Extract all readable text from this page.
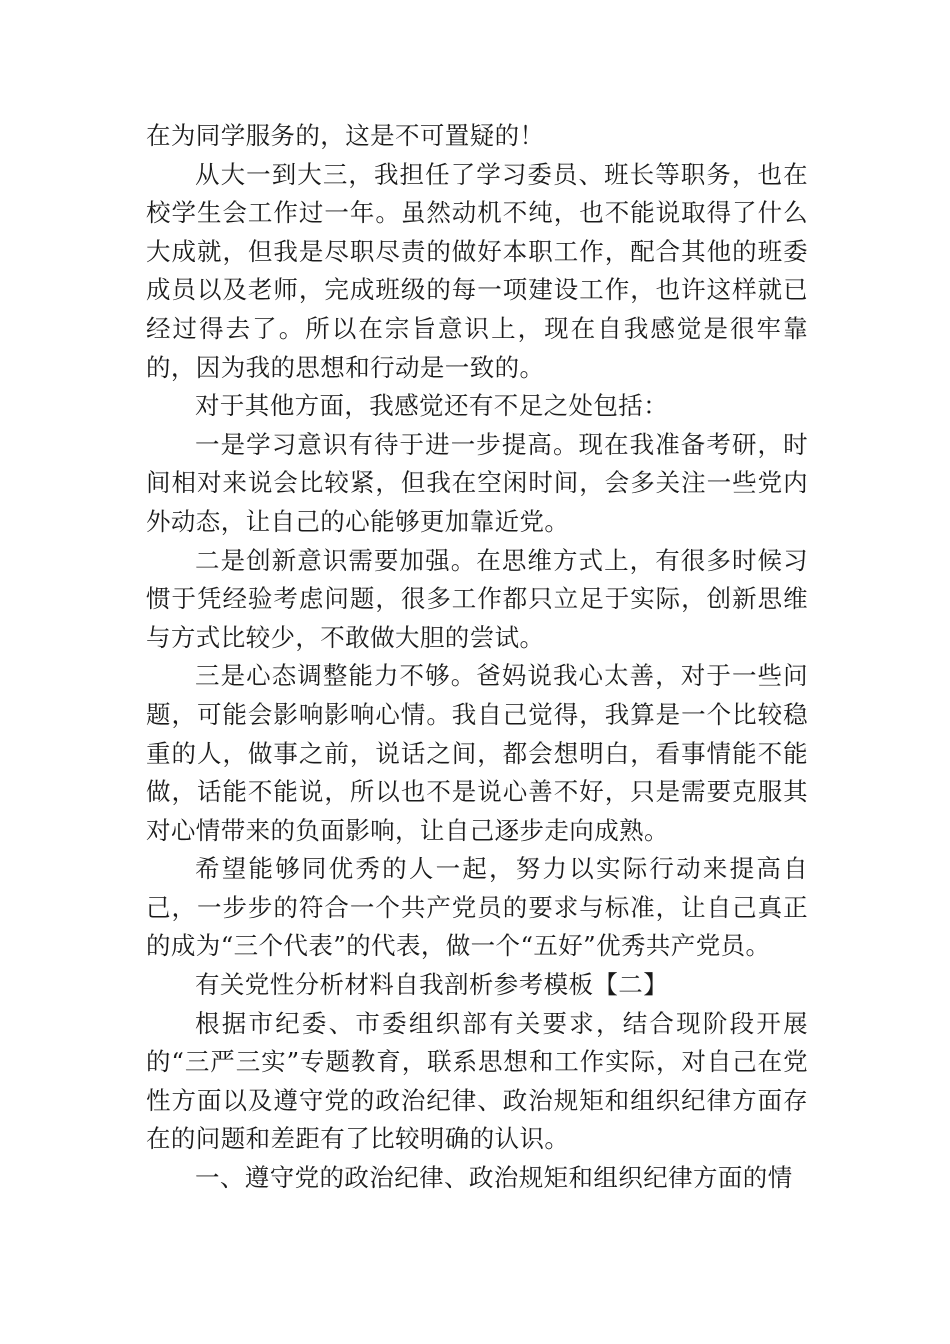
在为同学服务的，这是不可置疑的！

从大一到大三，我担任了学习委员、班长等职务，也在校学生会工作过一年。虽然动机不纯，也不能说取得了什么大成就，但我是尽职尽责的做好本职工作，配合其他的班委成员以及老师，完成班级的每一项建设工作，也许这样就已经过得去了。所以在宗旨意识上，现在自我感觉是很牢靠的，因为我的思想和行动是一致的。

对于其他方面，我感觉还有不足之处包括：

一是学习意识有待于进一步提高。现在我准备考研，时间相对来说会比较紧，但我在空闲时间，会多关注一些党内外动态，让自己的心能够更加靠近党。

二是创新意识需要加强。在思维方式上，有很多时候习惯于凭经验考虑问题，很多工作都只立足于实际，创新思维与方式比较少，不敢做大胆的尝试。

三是心态调整能力不够。爸妈说我心太善，对于一些问题，可能会影响影响心情。我自己觉得，我算是一个比较稳重的人，做事之前，说话之间，都会想明白，看事情能不能做，话能不能说，所以也不是说心善不好，只是需要克服其对心情带来的负面影响，让自己逐步走向成熟。

希望能够同优秀的人一起，努力以实际行动来提高自己，一步步的符合一个共产党员的要求与标准，让自己真正的成为“三个代表”的代表，做一个“五好”优秀共产党员。

有关党性分析材料自我剖析参考模板【二】

根据市纪委、市委组织部有关要求，结合现阶段开展的“三严三实”专题教育，联系思想和工作实际，对自己在党性方面以及遵守党的政治纪律、政治规矩和组织纪律方面存在的问题和差距有了比较明确的认识。

一、遵守党的政治纪律、政治规矩和组织纪律方面的情
